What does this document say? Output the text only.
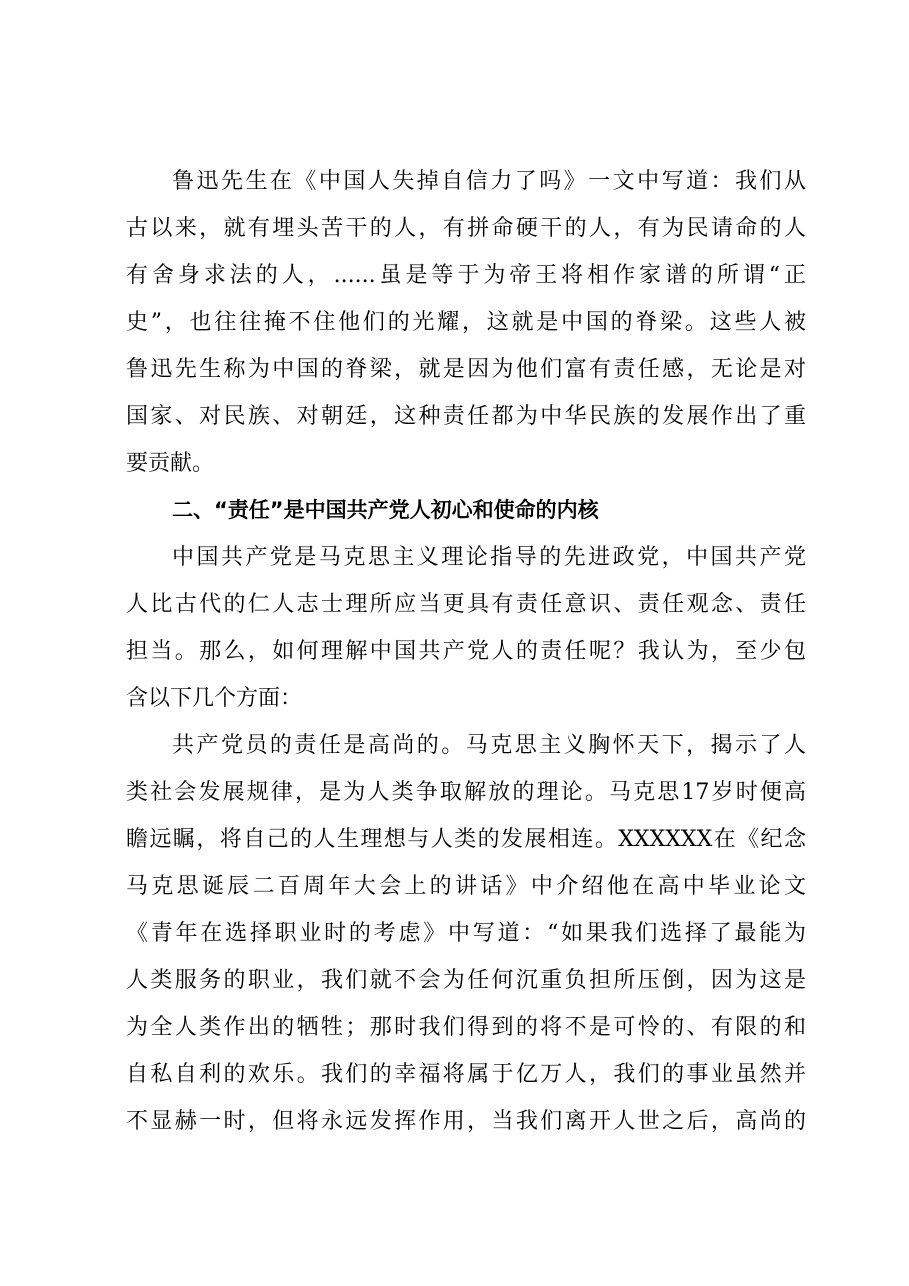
鲁迅先生在《中国人失掉自信力了吗》一文中写道：我们从
古以来，就有埋头苦干的人，有拼命硬干的人，有为民请命的人
有舍身求法的人，......虽是等于为帝王将相作家谱的所谓“正
史”，也往往掩不住他们的光耀，这就是中国的脊梁。这些人被
鲁迅先生称为中国的脊梁，就是因为他们富有责任感，无论是对
国家、对民族、对朝廷，这种责任都为中华民族的发展作出了重
要贡献。
二、“责任”是中国共产党人初心和使命的内核
中国共产党是马克思主义理论指导的先进政党，中国共产党
人比古代的仁人志士理所应当更具有责任意识、责任观念、责任
担当。那么，如何理解中国共产党人的责任呢？我认为，至少包
含以下几个方面：
共产党员的责任是高尚的。马克思主义胸怀天下，揭示了人
类社会发展规律，是为人类争取解放的理论。马克思17岁时便高
瞻远瞩，将自己的人生理想与人类的发展相连。XXXXXX在《纪念
马克思诞辰二百周年大会上的讲话》中介绍他在高中毕业论文
《青年在选择职业时的考虑》中写道：“如果我们选择了最能为
人类服务的职业，我们就不会为任何沉重负担所压倒，因为这是
为全人类作出的牺牲；那时我们得到的将不是可怜的、有限的和
自私自利的欢乐。我们的幸福将属于亿万人，我们的事业虽然并
不显赫一时，但将永远发挥作用，当我们离开人世之后，高尚的
